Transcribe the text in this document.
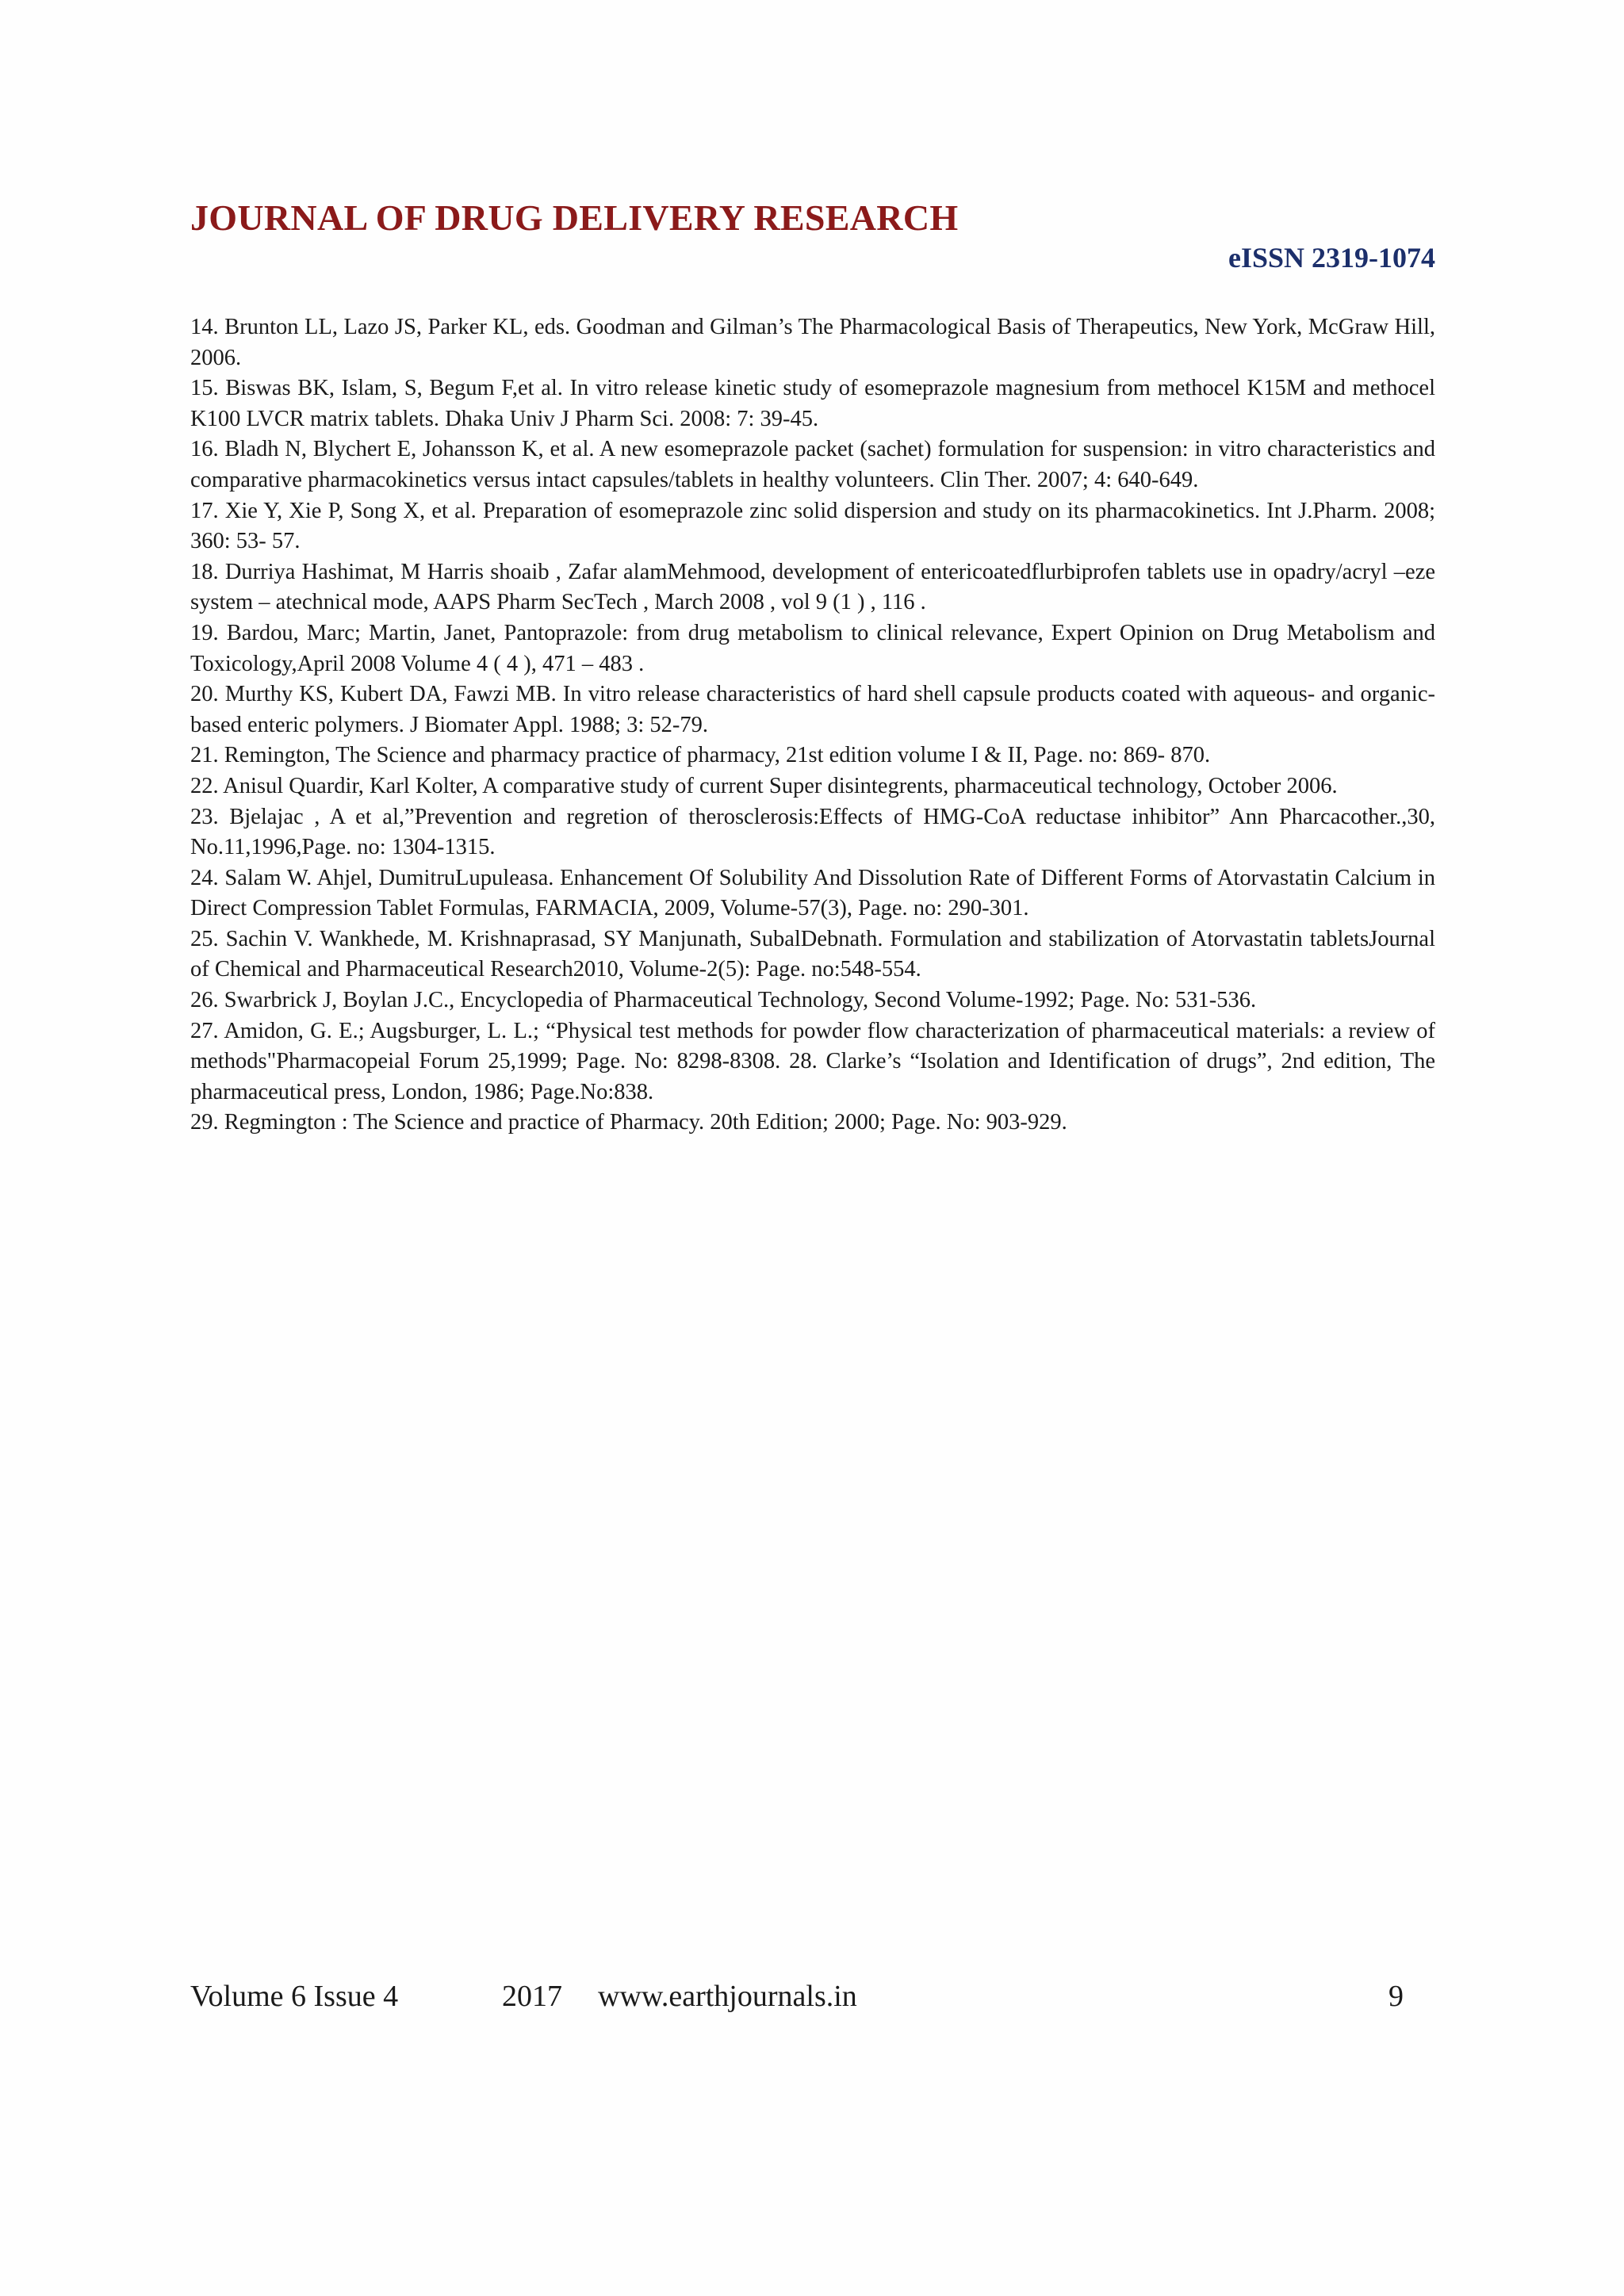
JOURNAL OF DRUG DELIVERY RESEARCH
eISSN 2319-1074
14. Brunton LL, Lazo JS, Parker KL, eds. Goodman and Gilman’s The Pharmacological Basis of Therapeutics, New York, McGraw Hill, 2006.
15. Biswas BK, Islam, S, Begum F,et al. In vitro release kinetic study of esomeprazole magnesium from methocel K15M and methocel K100 LVCR matrix tablets. Dhaka Univ J Pharm Sci. 2008: 7: 39-45.
16. Bladh N, Blychert E, Johansson K, et al. A new esomeprazole packet (sachet) formulation for suspension: in vitro characteristics and comparative pharmacokinetics versus intact capsules/tablets in healthy volunteers. Clin Ther. 2007; 4: 640-649.
17. Xie Y, Xie P, Song X, et al. Preparation of esomeprazole zinc solid dispersion and study on its pharmacokinetics. Int J.Pharm. 2008; 360: 53- 57.
18. Durriya Hashimat, M Harris shoaib , Zafar alamMehmood, development of entericoatedflurbiprofen tablets use in opadry/acryl –eze system – atechnical mode, AAPS Pharm SecTech , March 2008 , vol 9 (1 ) , 116 .
19. Bardou, Marc; Martin, Janet, Pantoprazole: from drug metabolism to clinical relevance, Expert Opinion on Drug Metabolism and Toxicology,April 2008 Volume 4 ( 4 ), 471 – 483 .
20. Murthy KS, Kubert DA, Fawzi MB. In vitro release characteristics of hard shell capsule products coated with aqueous- and organic-based enteric polymers. J Biomater Appl. 1988; 3: 52-79.
21. Remington, The Science and pharmacy practice of pharmacy, 21st edition volume I & II, Page. no: 869- 870.
22. Anisul Quardir, Karl Kolter, A comparative study of current Super disintegrents, pharmaceutical technology, October 2006.
23. Bjelajac , A et al,”Prevention and regretion of therosclerosis:Effects of HMG-CoA reductase inhibitor” Ann Pharcacother.,30, No.11,1996,Page. no: 1304-1315.
24. Salam W. Ahjel, DumitruLupuleasa. Enhancement Of Solubility And Dissolution Rate of Different Forms of Atorvastatin Calcium in Direct Compression Tablet Formulas, FARMACIA, 2009, Volume-57(3), Page. no: 290-301.
25. Sachin V. Wankhede, M. Krishnaprasad, SY Manjunath, SubalDebnath. Formulation and stabilization of Atorvastatin tabletsJournal of Chemical and Pharmaceutical Research2010, Volume-2(5): Page. no:548-554.
26. Swarbrick J, Boylan J.C., Encyclopedia of Pharmaceutical Technology, Second Volume-1992; Page. No: 531-536.
27. Amidon, G. E.; Augsburger, L. L.; “Physical test methods for powder flow characterization of pharmaceutical materials: a review of methods"Pharmacopeial Forum 25,1999; Page. No: 8298-8308. 28. Clarke’s “Isolation and Identification of drugs”, 2nd edition, The pharmaceutical press, London, 1986; Page.No:838.
29. Regmington : The Science and practice of Pharmacy. 20th Edition; 2000; Page. No: 903-929.
Volume 6 Issue 4	2017 www.earthjournals.in	9
